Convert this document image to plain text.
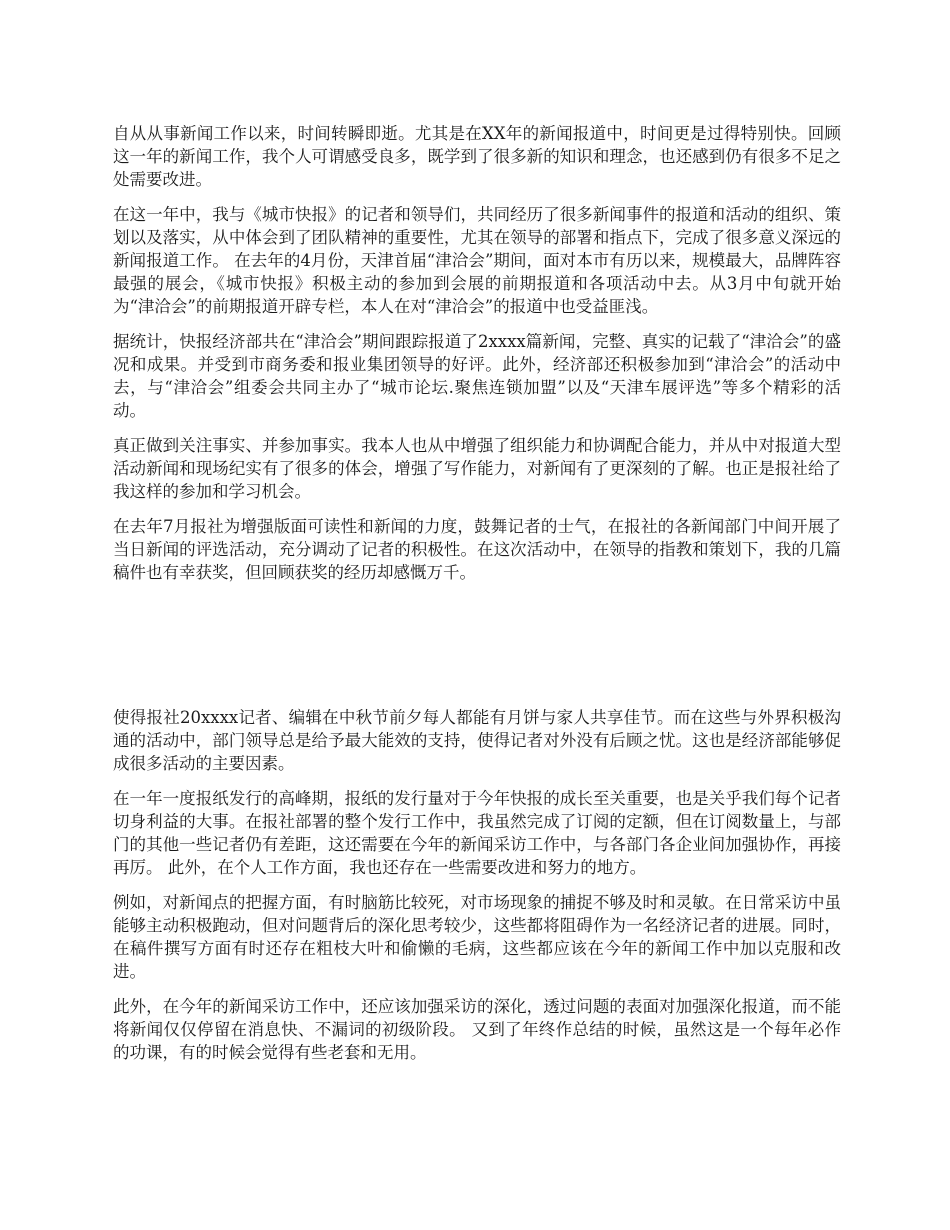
自从从事新闻工作以来，时间转瞬即逝。尤其是在XX年的新闻报道中，时间更是过得特别快。回顾这一年的新闻工作，我个人可谓感受良多，既学到了很多新的知识和理念，也还感到仍有很多不足之处需要改进。

在这一年中，我与《城市快报》的记者和领导们，共同经历了很多新闻事件的报道和活动的组织、策划以及落实，从中体会到了团队精神的重要性，尤其在领导的部署和指点下，完成了很多意义深远的新闻报道工作。 在去年的4月份，天津首届“津洽会”期间，面对本市有历以来，规模最大，品牌阵容最强的展会，《城市快报》积极主动的参加到会展的前期报道和各项活动中去。从3月中旬就开始为“津洽会”的前期报道开辟专栏，本人在对“津洽会”的报道中也受益匪浅。

据统计，快报经济部共在“津洽会”期间跟踪报道了2xxxx篇新闻，完整、真实的记载了“津洽会”的盛况和成果。并受到市商务委和报业集团领导的好评。此外，经济部还积极参加到“津洽会”的活动中去，与“津洽会”组委会共同主办了“城市论坛.聚焦连锁加盟”以及“天津车展评选”等多个精彩的活动。

真正做到关注事实、并参加事实。我本人也从中增强了组织能力和协调配合能力，并从中对报道大型活动新闻和现场纪实有了很多的体会，增强了写作能力，对新闻有了更深刻的了解。也正是报社给了我这样的参加和学习机会。

在去年7月报社为增强版面可读性和新闻的力度，鼓舞记者的士气，在报社的各新闻部门中间开展了当日新闻的评选活动，充分调动了记者的积极性。在这次活动中，在领导的指教和策划下，我的几篇稿件也有幸获奖，但回顾获奖的经历却感慨万千。

使得报社20xxxx记者、编辑在中秋节前夕每人都能有月饼与家人共享佳节。而在这些与外界积极沟通的活动中，部门领导总是给予最大能效的支持，使得记者对外没有后顾之忧。这也是经济部能够促成很多活动的主要因素。

在一年一度报纸发行的高峰期，报纸的发行量对于今年快报的成长至关重要，也是关乎我们每个记者切身利益的大事。在报社部署的整个发行工作中，我虽然完成了订阅的定额，但在订阅数量上，与部门的其他一些记者仍有差距，这还需要在今年的新闻采访工作中，与各部门各企业间加强协作，再接再厉。 此外，在个人工作方面，我也还存在一些需要改进和努力的地方。

例如，对新闻点的把握方面，有时脑筋比较死，对市场现象的捕捉不够及时和灵敏。在日常采访中虽能够主动积极跑动，但对问题背后的深化思考较少，这些都将阻碍作为一名经济记者的进展。同时，在稿件撰写方面有时还存在粗枝大叶和偷懒的毛病，这些都应该在今年的新闻工作中加以克服和改进。

此外，在今年的新闻采访工作中，还应该加强采访的深化，透过问题的表面对加强深化报道，而不能将新闻仅仅停留在消息快、不漏词的初级阶段。 又到了年终作总结的时候，虽然这是一个每年必作的功课，有的时候会觉得有些老套和无用。
